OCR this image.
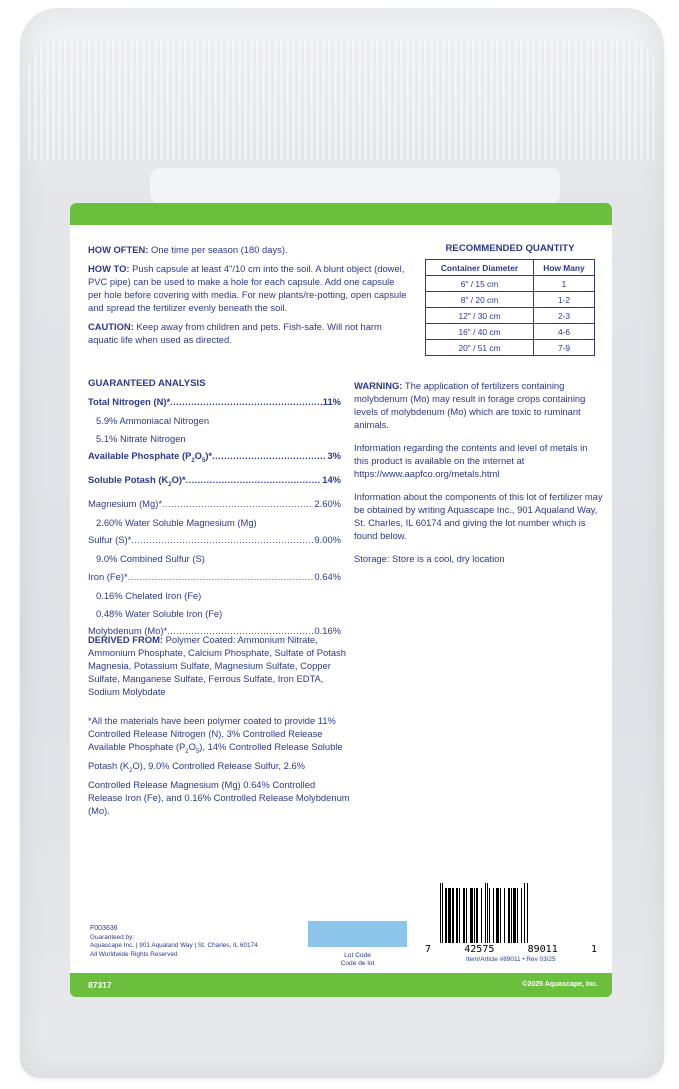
HOW OFTEN: One time per season (180 days).

HOW TO: Push capsule at least 4"/10 cm into the soil. A blunt object (dowel, PVC pipe) can be used to make a hole for each capsule. Add one capsule per hole before covering with media. For new plants/re-potting, open capsule and spread the fertilizer evenly beneath the soil.

CAUTION: Keep away from children and pets. Fish-safe. Will not harm aquatic life when used as directed.

RECOMMENDED QUANTITY
Container Diameter	How Many
6" / 15 cm	1
8" / 20 cm	1-2
12" / 30 cm	2-3
16" / 40 cm	4-6
20" / 51 cm	7-9

GUARANTEED ANALYSIS

Total Nitrogen (N)* .....	11%
5.9% Ammoniacal Nitrogen
5.1% Nitrate Nitrogen
Available Phosphate $(P_2O_5)*$ .....	3%
Soluble Potash $(K_2O)*$ .....	14%
Magnesium (Mg)* .....	2.60%
2.60% Water Soluble Magnesium (Mg)
Sulfur (S)* .....	9.00%
9.0% Combined Sulfur (S)
Iron (Fe)* .....	0.64%
0.16% Chelated Iron (Fe)
0.48% Water Soluble Iron (Fe)
Molybdenum (Mo)* .....	0.16%

DERIVED FROM: Polymer Coated: Ammonium Nitrate, Ammonium Phosphate, Calcium Phosphate, Sulfate of Potash Magnesia, Potassium Sulfate, Magnesium Sulfate, Copper Sulfate, Manganese Sulfate, Ferrous Sulfate, Iron EDTA, Sodium Molybdate

*All the materials have been polymer coated to provide 11% Controlled Release Nitrogen (N), 3% Controlled Release Available Phosphate $(P_2O_5)$, 14% Controlled Release Soluble Potash $(K_2O)$, 9.0% Controlled Release Sulfur, 2.6% Controlled Release Magnesium (Mg) 0.64% Controlled Release Iron (Fe), and 0.16% Controlled Release Molybdenum (Mo).

WARNING: The application of fertilizers containing molybdenum (Mo) may result in forage crops containing levels of molybdenum (Mo) which are toxic to ruminant animals.

Information regarding the contents and level of metals in this product is available on the internet at https://www.aapfco.org/metals.html

Information about the components of this lot of fertilizer may be obtained by writing Aquascape Inc., 901 Aqualand Way, St. Charles, IL 60174 and giving the lot number which is found below.

Storage: Store is a cool, dry location

F003636
Guaranteed by:
Aquascape Inc. | 901 Aqualand Way | St. Charles, IL 60174
All Worldwide Rights Reserved	Lot Code
Code de lot
7	42575	89011	1
Item/Article #89011 • Rev 03/25
87317	©2025 Aquascape, Inc.
